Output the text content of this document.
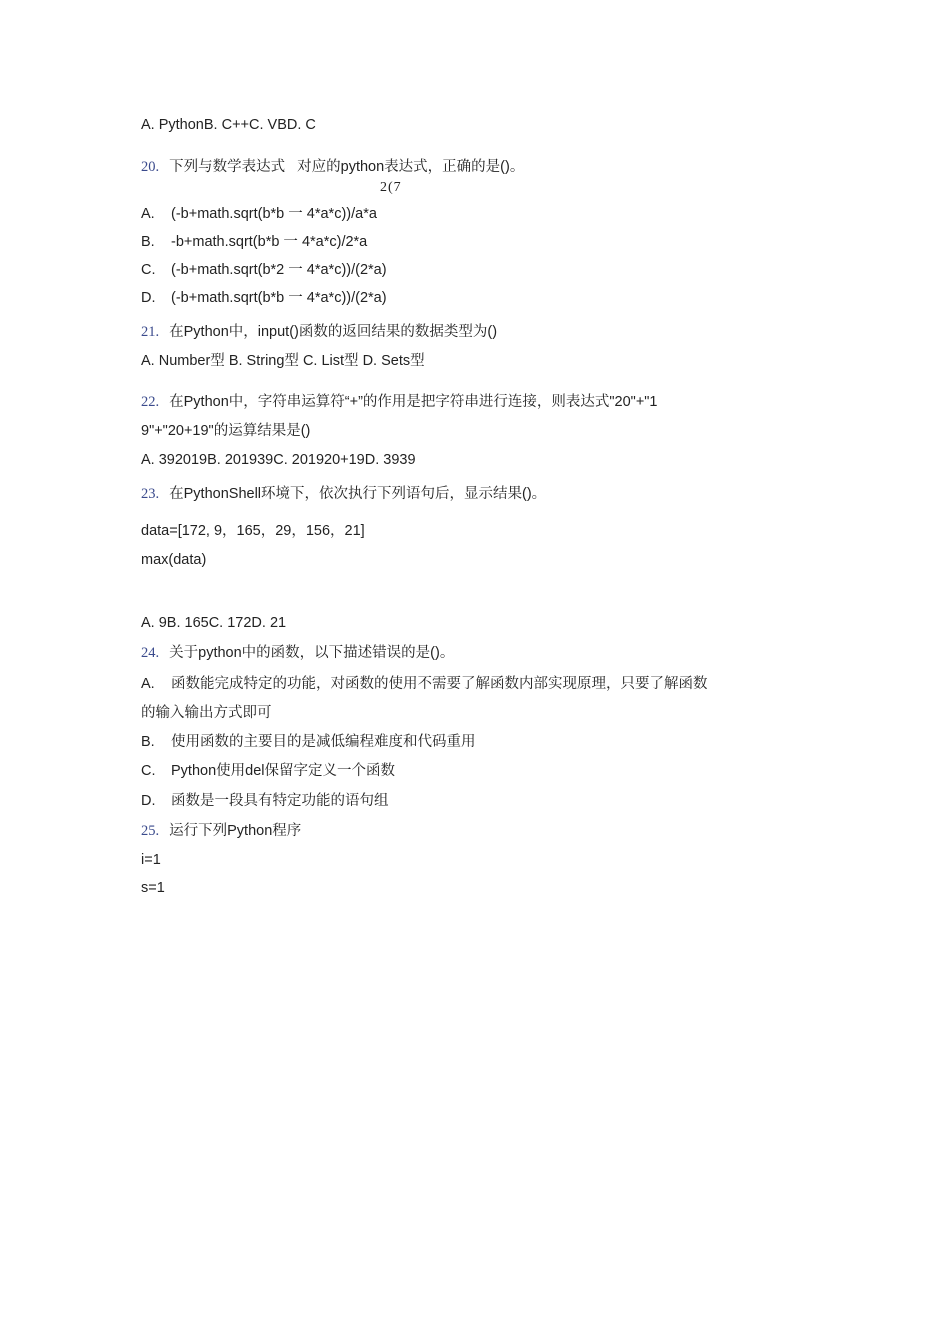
A. PythonB. C++C. VBD. C
20. 下列与数学表达式 对应的python表达式，正确的是()。
2(7
A. (-b+math.sqrt(b*b 一 4*a*c))/a*a
B. -b+math.sqrt(b*b 一 4*a*c)/2*a
C. (-b+math.sqrt(b*2 一 4*a*c))/(2*a)
D. (-b+math.sqrt(b*b 一 4*a*c))/(2*a)
21. 在Python中，input()函数的返回结果的数据类型为()
A. Number型 B. String型 C. List型 D. Sets型
22. 在Python中，字符串运算符“+”的作用是把字符串进行连接，则表达式"20"+"1
9"+"20+19"的运算结果是()
A. 392019B. 201939C. 201920+19D. 3939
23. 在PythonShell环境下，依次执行下列语句后，显示结果()。
data=[172, 9，165，29，156，21]
max(data)
A. 9B. 165C. 172D. 21
24. 关于python中的函数，以下描述错误的是()。
A. 函数能完成特定的功能，对函数的使用不需要了解函数内部实现原理，只要了解函数
的输入输出方式即可
B. 使用函数的主要目的是减低编程难度和代码重用
C. Python使用del保留字定义一个函数
D. 函数是一段具有特定功能的语句组
25. 运行下列Python程序
i=1
s=1
